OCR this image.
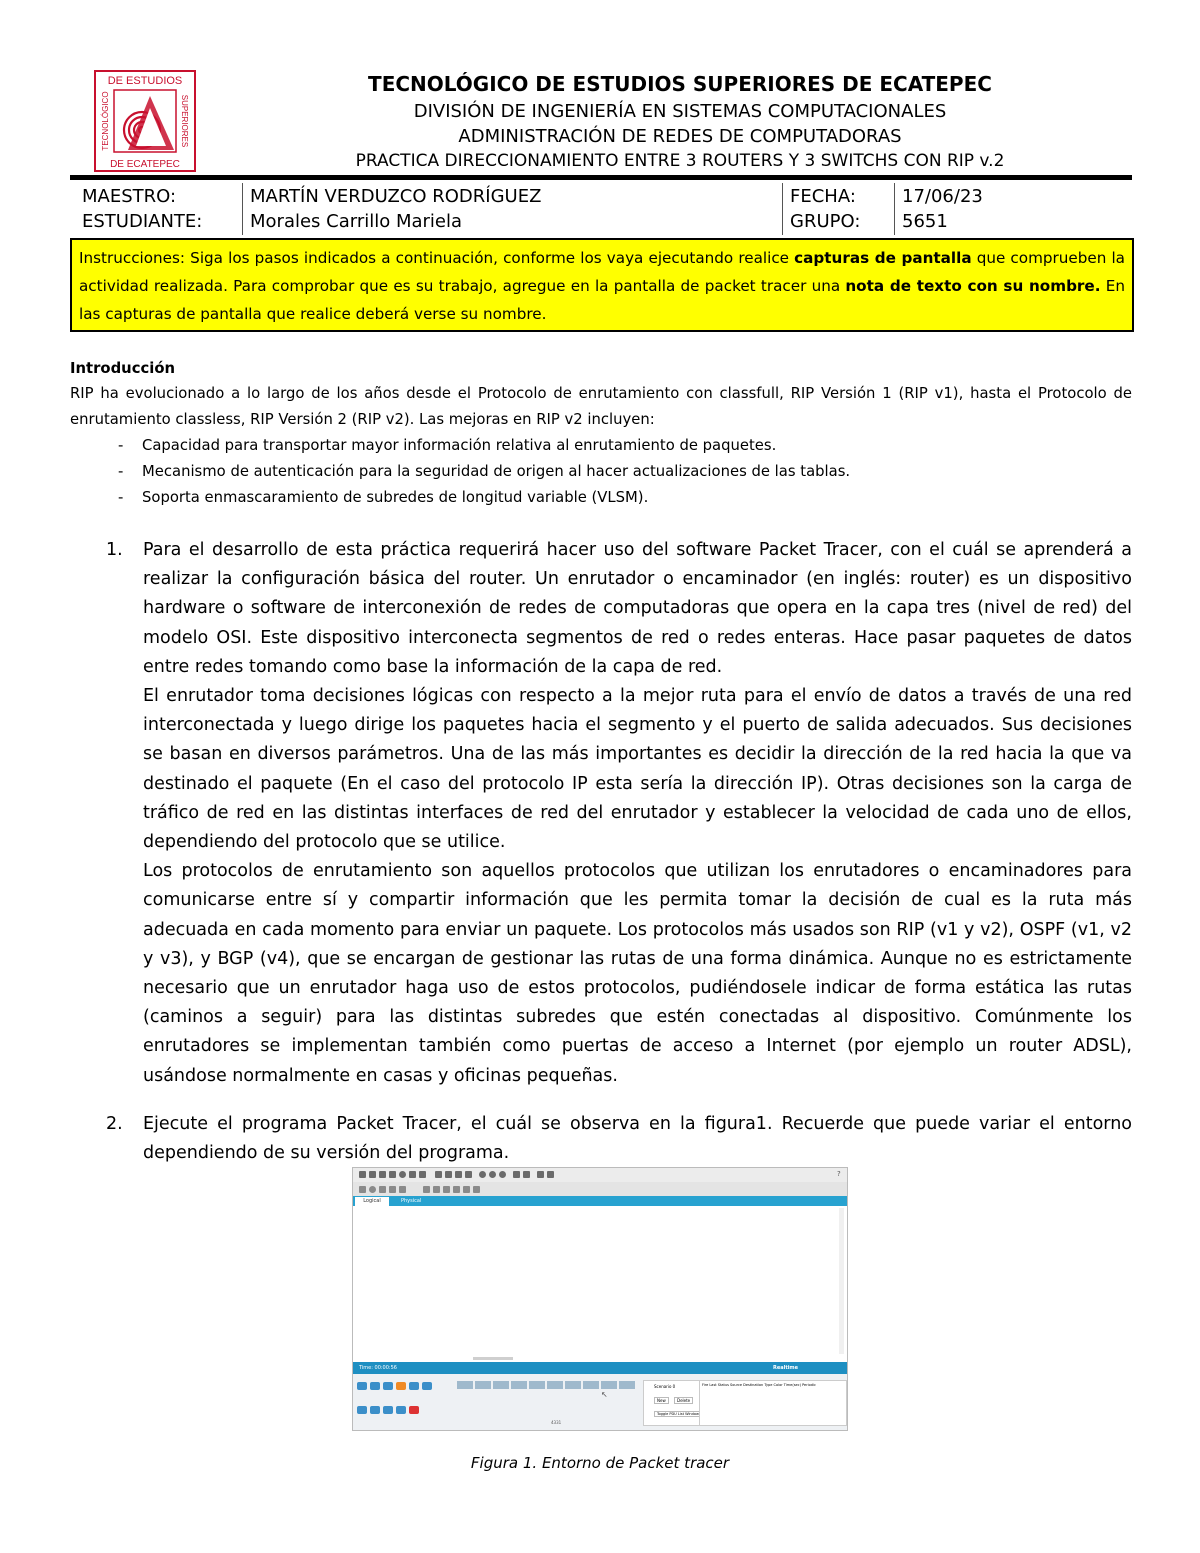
DE ESTUDIOS
DE ECATEPEC
TECNOLÓGICO	SUPERIORES
TECNOLÓGICO DE ESTUDIOS SUPERIORES DE ECATEPEC
DIVISIÓN DE INGENIERÍA EN SISTEMAS COMPUTACIONALES
ADMINISTRACIÓN DE REDES DE COMPUTADORAS
PRACTICA DIRECCIONAMIENTO ENTRE 3 ROUTERS Y 3 SWITCHS CON RIP v.2
MAESTRO:	MARTÍN VERDUZCO RODRÍGUEZ	FECHA:	17/06/23
ESTUDIANTE:	Morales Carrillo Mariela	GRUPO: 5651
Instrucciones: Siga los pasos indicados a continuación, conforme los vaya ejecutando realice capturas de pantalla que comprueben la actividad realizada. Para comprobar que es su trabajo, agregue en la pantalla de packet tracer una nota de texto con su nombre. En las capturas de pantalla que realice deberá verse su nombre.
Introducción
RIP ha evolucionado a lo largo de los años desde el Protocolo de enrutamiento con classfull, RIP Versión 1 (RIP v1), hasta el Protocolo de enrutamiento classless, RIP Versión 2 (RIP v2). Las mejoras en RIP v2 incluyen:
- Capacidad para transportar mayor información relativa al enrutamiento de paquetes.
- Mecanismo de autenticación para la seguridad de origen al hacer actualizaciones de las tablas.
- Soporta enmascaramiento de subredes de longitud variable (VLSM).
1. Para el desarrollo de esta práctica requerirá hacer uso del software Packet Tracer, con el cuál se aprenderá a realizar la configuración básica del router. Un enrutador o encaminador (en inglés: router) es un dispositivo hardware o software de interconexión de redes de computadoras que opera en la capa tres (nivel de red) del modelo OSI. Este dispositivo interconecta segmentos de red o redes enteras. Hace pasar paquetes de datos entre redes tomando como base la información de la capa de red.

El enrutador toma decisiones lógicas con respecto a la mejor ruta para el envío de datos a través de una red interconectada y luego dirige los paquetes hacia el segmento y el puerto de salida adecuados. Sus decisiones se basan en diversos parámetros. Una de las más importantes es decidir la dirección de la red hacia la que va destinado el paquete (En el caso del protocolo IP esta sería la dirección IP). Otras decisiones son la carga de tráfico de red en las distintas interfaces de red del enrutador y establecer la velocidad de cada uno de ellos, dependiendo del protocolo que se utilice.

Los protocolos de enrutamiento son aquellos protocolos que utilizan los enrutadores o encaminadores para comunicarse entre sí y compartir información que les permita tomar la decisión de cual es la ruta más adecuada en cada momento para enviar un paquete. Los protocolos más usados son RIP (v1 y v2), OSPF (v1, v2 y v3), y BGP (v4), que se encargan de gestionar las rutas de una forma dinámica. Aunque no es estrictamente necesario que un enrutador haga uso de estos protocolos, pudiéndosele indicar de forma estática las rutas (caminos a seguir) para las distintas subredes que estén conectadas al dispositivo. Comúnmente los enrutadores se implementan también como puertas de acceso a Internet (por ejemplo un router ADSL), usándose normalmente en casas y oficinas pequeñas.

2. Ejecute el programa Packet Tracer, el cuál se observa en la figura1. Recuerde que puede variar el entorno dependiendo de su versión del programa.

?
Logical	Physical
Time: 00:00:56	Realtime
4331
↖
Scenario 0
New	Delete
Toggle PDU List Window
Fire Last Status Source Destination Type Color Time(sec) Periodic
Figura 1. Entorno de Packet tracer
